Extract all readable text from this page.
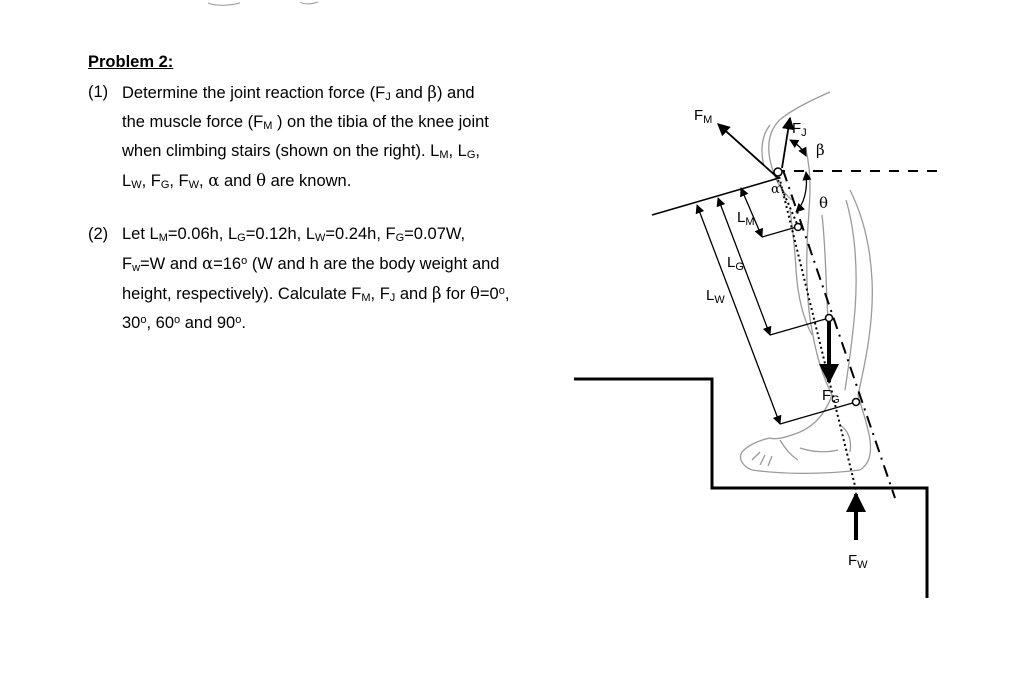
Problem 2:
(1) Determine the joint reaction force ($F_J$ and β) and
the muscle force ($F_M$ ) on the tibia of the knee joint
when climbing stairs (shown on the right). $L_M$, $L_G$,
$L_W$, $F_G$, $F_W$, α and θ are known.
(2) Let $L_M=0.06h$, $L_G=0.12h$, $L_W=0.24h$, $F_G=0.07W$,
$F_w=W$ and $\alpha=16^o$ (W and h are the body weight and
height, respectively). Calculate $F_M$, $F_J$ and β for $\theta=0^o$,
30$^o$, 60$^o$ and 90$^o$.
$F_M$	$F_J$
β
θ
α
$L_M$
$L_G$
$L_W$
$F_G$
$F_W$
